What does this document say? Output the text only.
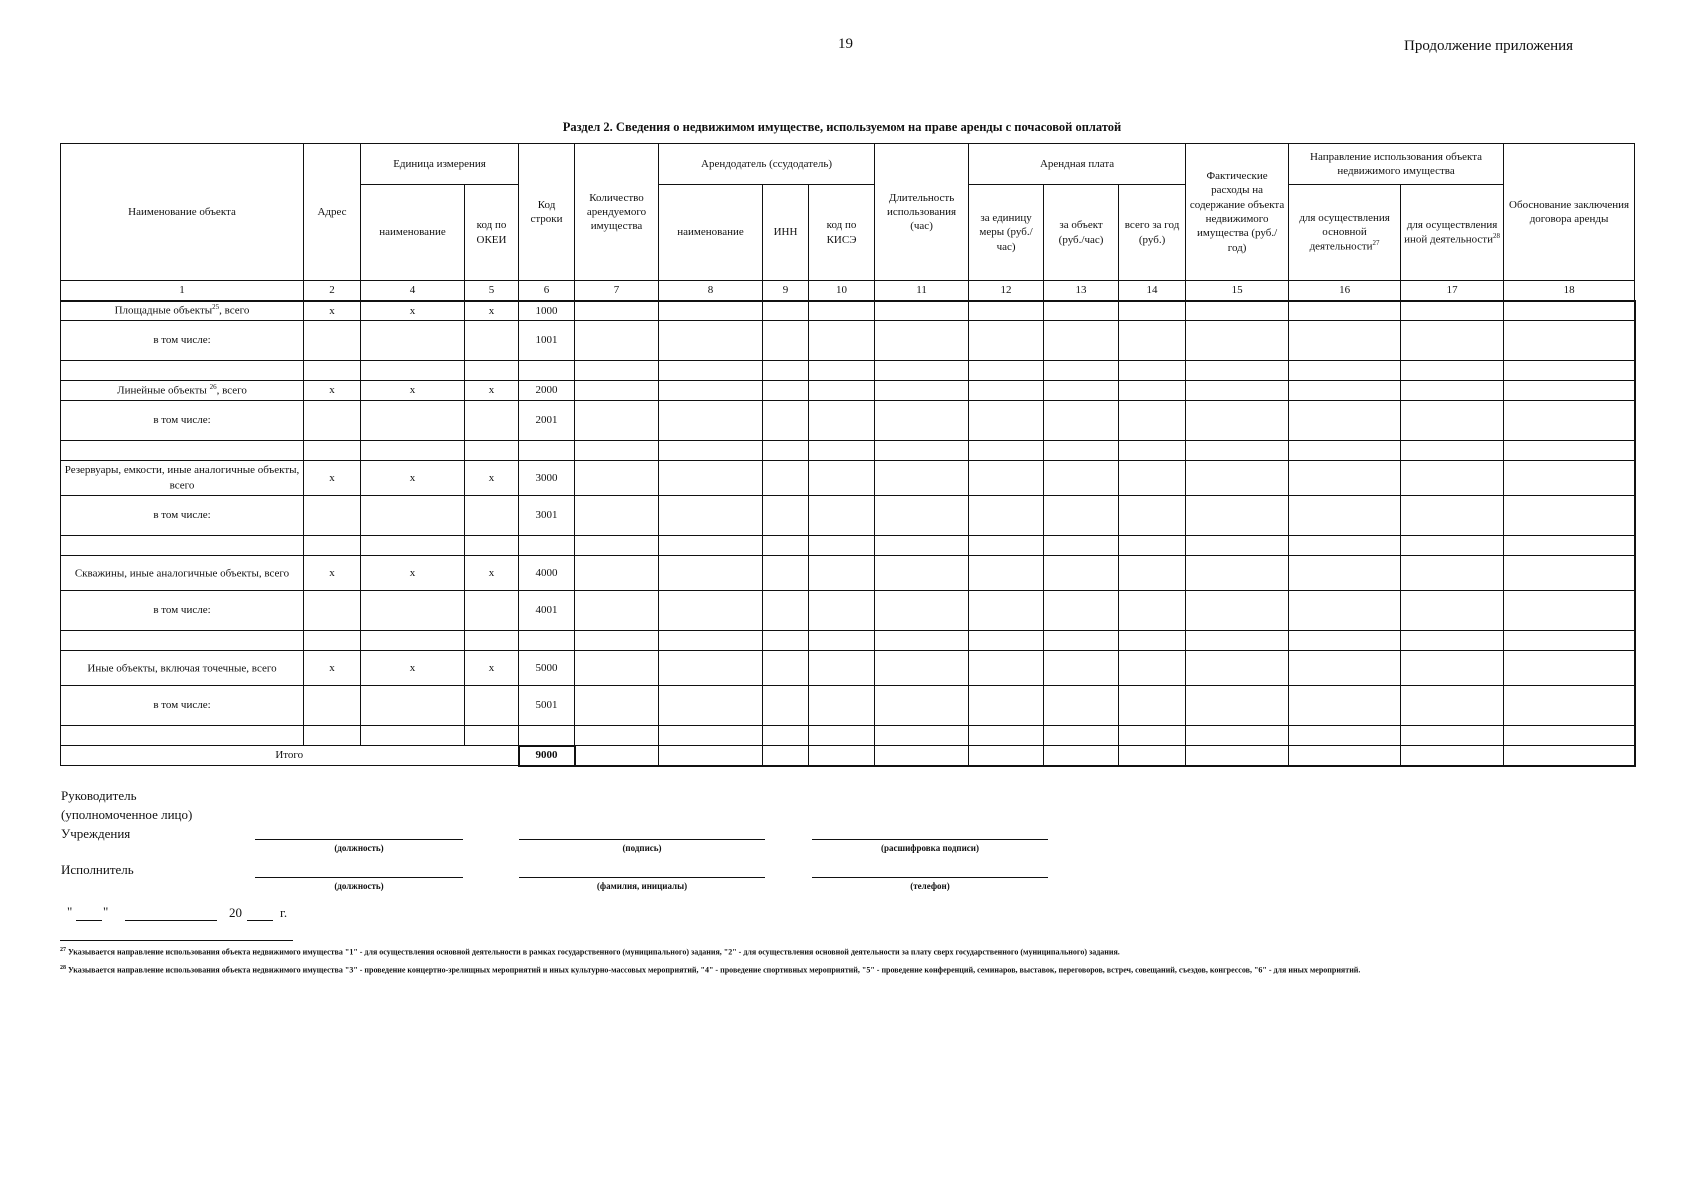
19	Продолжение приложения
Раздел 2. Сведения о недвижимом имуществе, используемом на праве аренды с почасовой оплатой
Наименование объекта	Адрес	Единица измерения		Код строки	Количество арендуемого имущества	Арендодатель (ссудодатель)			Длительность использования (час)	Арендная плата			Фактические расходы на содержание объекта недвижимого имущества (руб./год)	Направление использования объекта недвижимого имущества		Обоснование заключения договора аренды
		наименование	код по ОКЕИ			наименование	ИНН	код по КИСЭ		за единицу меры (руб./час)	за объект (руб./час)	всего за год (руб.)		для осуществления основной деятельности$^{27}$	для осуществления иной деятельности$^{28}$
1	2	4	5	6	7	8	9	10	11	12	13	14	15	16	17	18
Площадные объекты$^{25}$, всего	x	x	x	1000												
в том числе:				1001												

Линейные объекты $^{26}$, всего	x	x	x	2000												
в том числе:				2001												

Резервуары, емкости, иные аналогичные объекты, всего	x	x	x	3000												
в том числе:				3001												

Скважины, иные аналогичные объекты, всего	x	x	x	4000												
в том числе:				4001												

Иные объекты, включая точечные, всего	x	x	x	5000												
в том числе:				5001												

Итого				9000												
Руководитель
(уполномоченное лицо)
Учреждения
Исполнитель
(должность)	(подпись)	(расшифровка подписи)
(должность)	(фамилия, инициалы)	(телефон)
" "	20	г.
$^{27}$ Указывается направление использования объекта недвижимого имущества "1" - для осуществления основной деятельности в рамках государственного (муниципального) задания, "2" - для осуществления основной деятельности за плату сверх государственного (муниципального) задания.
$^{28}$ Указывается направление использования объекта недвижимого имущества "3" - проведение концертно-зрелищных мероприятий и иных культурно-массовых мероприятий, "4" - проведение спортивных мероприятий, "5" - проведение конференций, семинаров, выставок, переговоров, встреч, совещаний, съездов, конгрессов, "6" - для иных мероприятий.
